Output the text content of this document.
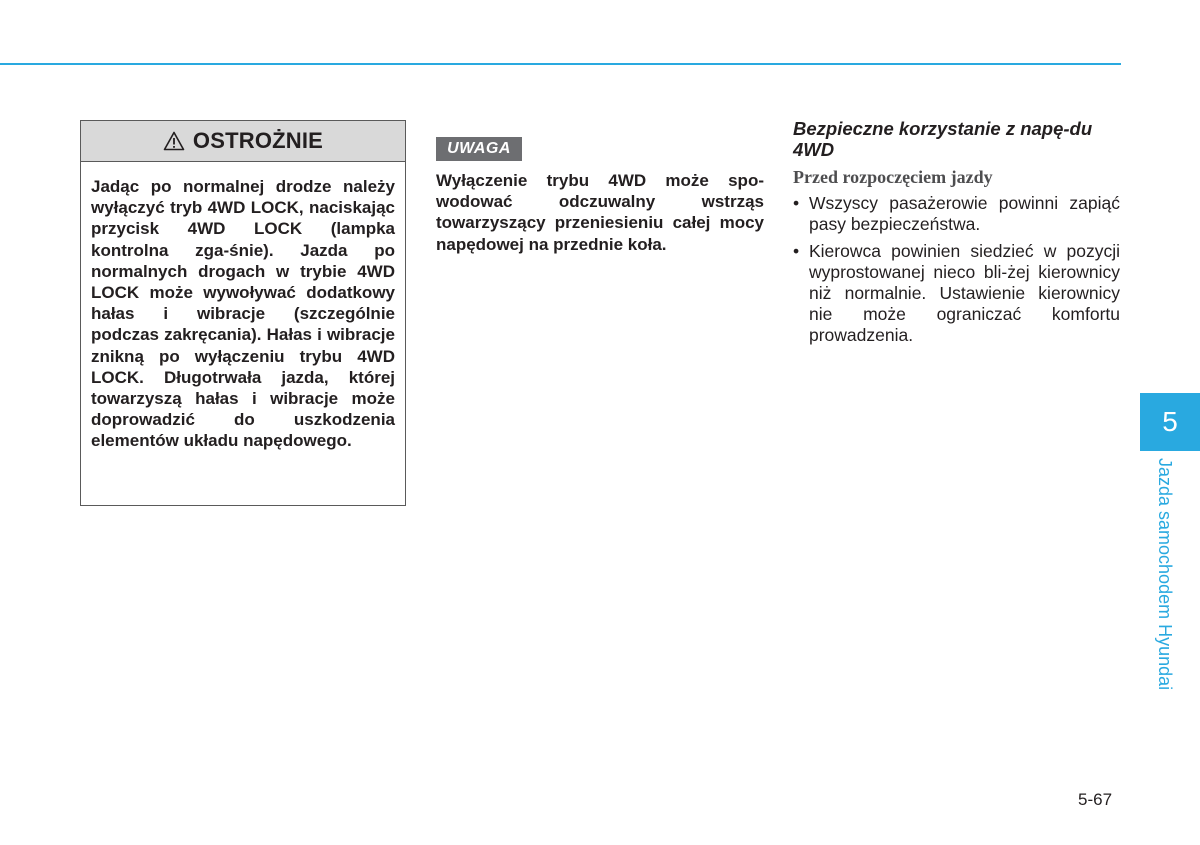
OSTROŻNIE
Jadąc po normalnej drodze należy wyłączyć tryb 4WD LOCK, naciskając przycisk 4WD LOCK (lampka kontrolna zga-śnie). Jazda po normalnych drogach w trybie 4WD LOCK może wywoływać dodatkowy hałas i wibracje (szczególnie podczas zakręcania). Hałas i wibracje znikną po wyłączeniu trybu 4WD LOCK. Długotrwała jazda, której towarzyszą hałas i wibracje może doprowadzić do uszkodzenia elementów układu napędowego.
UWAGA
Wyłączenie trybu 4WD może spo-wodować odczuwalny wstrząs towarzyszący przeniesieniu całej mocy napędowej na przednie koła.
Bezpieczne korzystanie z napę-du 4WD
Przed rozpoczęciem jazdy
• Wszyscy pasażerowie powinni zapiąć pasy bezpieczeństwa.
• Kierowca powinien siedzieć w pozycji wyprostowanej nieco bli-żej kierownicy niż normalnie. Ustawienie kierownicy nie może ograniczać komfortu prowadzenia.
5
Jazda samochodem Hyundai
5-67
